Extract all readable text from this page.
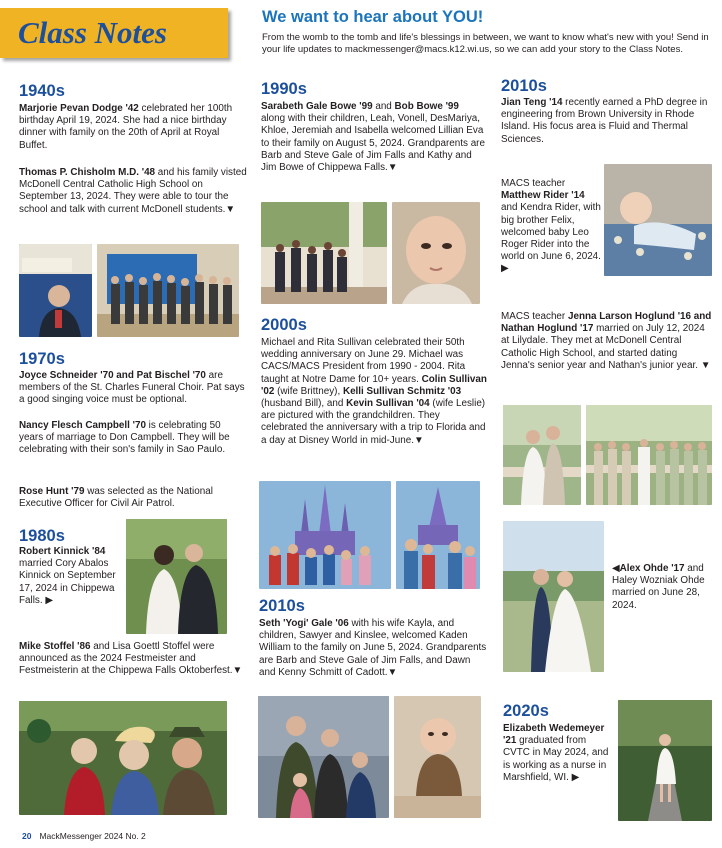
Class Notes	We want to hear about YOU!
From the womb to the tomb and life's blessings in between, we want to know what's new with you! Send in your life updates to mackmessenger@macs.k12.wi.us, so we can add your story to the Class Notes.
1940s
Marjorie Pevan Dodge '42 celebrated her 100th birthday April 19, 2024. She had a nice birthday dinner with family on the 20th of April at Royal Buffet.
Thomas P. Chisholm M.D. '48 and his family visted McDonell Central Catholic High School on September 13, 2024. They were able to tour the school and talk with current McDonell students.▼
1970s
Joyce Schneider '70 and Pat Bischel '70 are members of the St. Charles Funeral Choir. Pat says a good singing voice must be optional.
Nancy Flesch Campbell '70 is celebrating 50 years of marriage to Don Campbell. They will be celebrating with their son's family in Sao Paulo.
Rose Hunt '79 was selected as the National Executive Officer for Civil Air Patrol.
1980s
Robert Kinnick '84 married Cory Abalos Kinnick on September 17, 2024 in Chippewa Falls. ▶
Mike Stoffel '86 and Lisa Goettl Stoffel were announced as the 2024 Festmeister and Festmeisterin at the Chippewa Falls Oktoberfest.▼
1990s
Sarabeth Gale Bowe '99 and Bob Bowe '99 along with their children, Leah, Vonell, DesMariya, Khloe, Jeremiah and Isabella welcomed Lillian Eva to their family on August 5, 2024. Grandparents are Barb and Steve Gale of Jim Falls and Kathy and Jim Bowe of Chippewa Falls.▼
2000s
Michael and Rita Sullivan celebrated their 50th wedding anniversary on June 29. Michael was CACS/MACS President from 1990 - 2004. Rita taught at Notre Dame for 10+ years. Colin Sullivan '02 (wife Brittney), Kelli Sullivan Schmitz '03 (husband Bill), and Kevin Sullivan '04 (wife Leslie) are pictured with the grandchildren. They celebrated the anniversary with a trip to Florida and a day at Disney World in mid-June.▼
2010s
Seth 'Yogi' Gale '06 with his wife Kayla, and children, Sawyer and Kinslee, welcomed Kaden William to the family on June 5, 2024. Grandparents are Barb and Steve Gale of Jim Falls, and Dawn and Kenny Schmitt of Cadott.▼
2010s
Jian Teng '14 recently earned a PhD degree in engineering from Brown University in Rhode Island. His focus area is Fluid and Thermal Sciences.
MACS teacher Matthew Rider '14 and Kendra Rider, with big brother Felix, welcomed baby Leo Roger Rider into the world on June 6, 2024. ▶
MACS teacher Jenna Larson Hoglund '16 and Nathan Hoglund '17 married on July 12, 2024 at Lilydale. They met at McDonell Central Catholic High School, and started dating Jenna's senior year and Nathan's junior year. ▼
◀Alex Ohde '17 and Haley Wozniak Ohde married on June 28, 2024.
2020s
Elizabeth Wedemeyer '21 graduated from CVTC in May 2024, and is working as a nurse in Marshfield, WI. ▶
20 MackMessenger 2024 No. 2
